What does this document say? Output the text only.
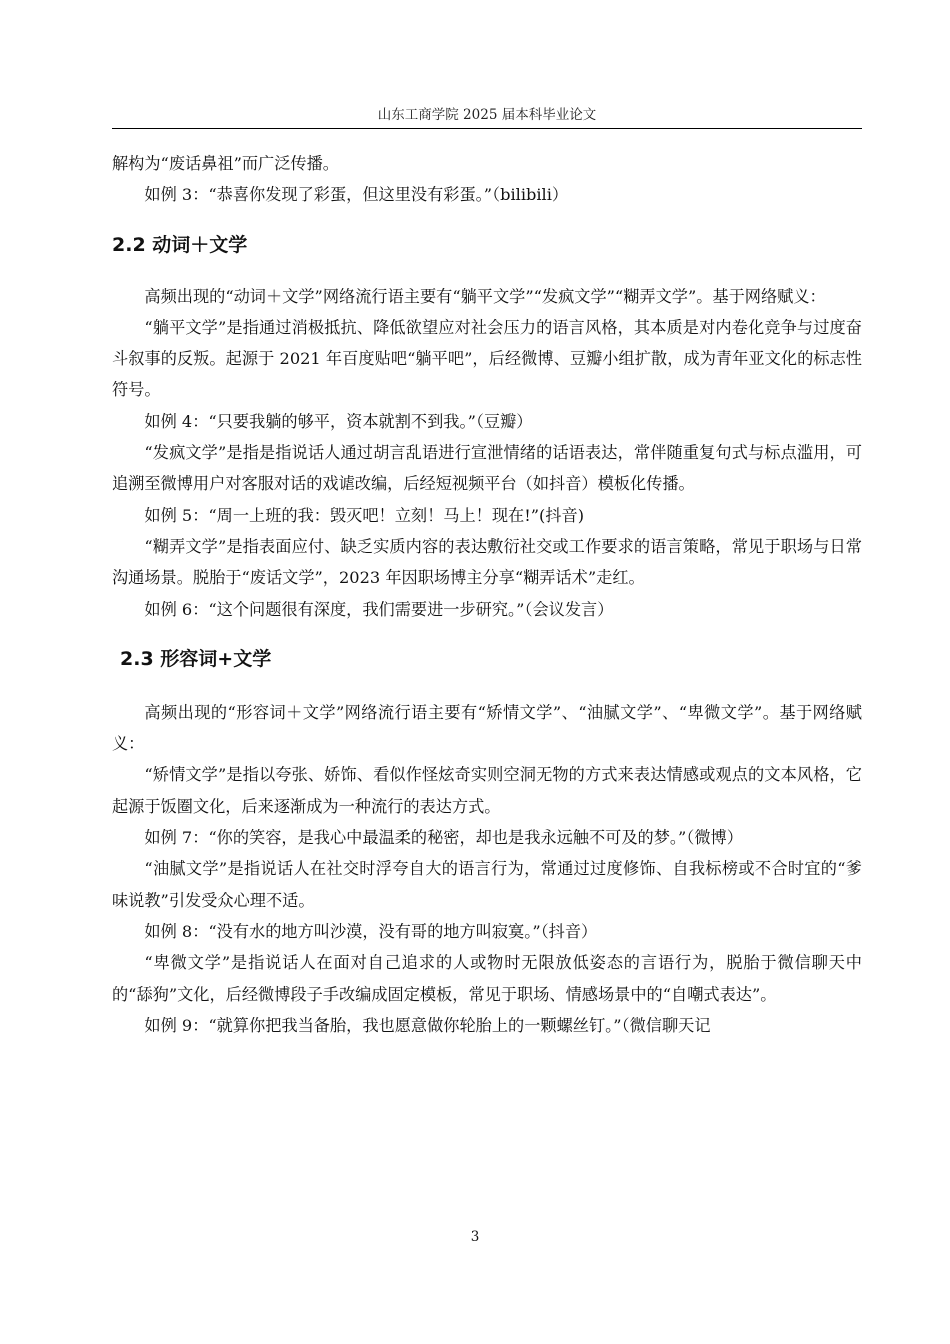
山东工商学院 2025 届本科毕业论文

解构为“废话鼻祖”而广泛传播。

如例 3：“恭喜你发现了彩蛋，但这里没有彩蛋。”（bilibili）

2.2 动词＋文学

高频出现的“动词＋文学”网络流行语主要有“躺平文学”“发疯文学”“糊弄文学”。基于网络赋义：

“躺平文学”是指通过消极抵抗、降低欲望应对社会压力的语言风格，其本质是对内卷化竞争与过度奋斗叙事的反叛。起源于 2021 年百度贴吧“躺平吧”，后经微博、豆瓣小组扩散，成为青年亚文化的标志性符号。

如例 4：“只要我躺的够平，资本就割不到我。”（豆瓣）

“发疯文学”是指是指说话人通过胡言乱语进行宣泄情绪的话语表达，常伴随重复句式与标点滥用，可追溯至微博用户对客服对话的戏谑改编，后经短视频平台（如抖音）模板化传播。

如例 5：“周一上班的我：毁灭吧！立刻！马上！现在!”(抖音)

“糊弄文学”是指表面应付、缺乏实质内容的表达敷衍社交或工作要求的语言策略，常见于职场与日常沟通场景。脱胎于“废话文学”，2023 年因职场博主分享“糊弄话术”走红。

如例 6：“这个问题很有深度，我们需要进一步研究。”（会议发言）

2.3 形容词+文学

高频出现的“形容词＋文学”网络流行语主要有“矫情文学”、“油腻文学”、“卑微文学”。基于网络赋义：

“矫情文学”是指以夸张、娇饰、看似作怪炫奇实则空洞无物的方式来表达情感或观点的文本风格，它起源于饭圈文化，后来逐渐成为一种流行的表达方式。

如例 7：“你的笑容，是我心中最温柔的秘密，却也是我永远触不可及的梦。”（微博）

“油腻文学”是指说话人在社交时浮夸自大的语言行为，常通过过度修饰、自我标榜或不合时宜的“爹味说教”引发受众心理不适。

如例 8：“没有水的地方叫沙漠，没有哥的地方叫寂寞。”（抖音）

“卑微文学”是指说话人在面对自己追求的人或物时无限放低姿态的言语行为，脱胎于微信聊天中的“舔狗”文化，后经微博段子手改编成固定模板，常见于职场、情感场景中的“自嘲式表达”。

如例 9：“就算你把我当备胎，我也愿意做你轮胎上的一颗螺丝钉。”（微信聊天记

3
